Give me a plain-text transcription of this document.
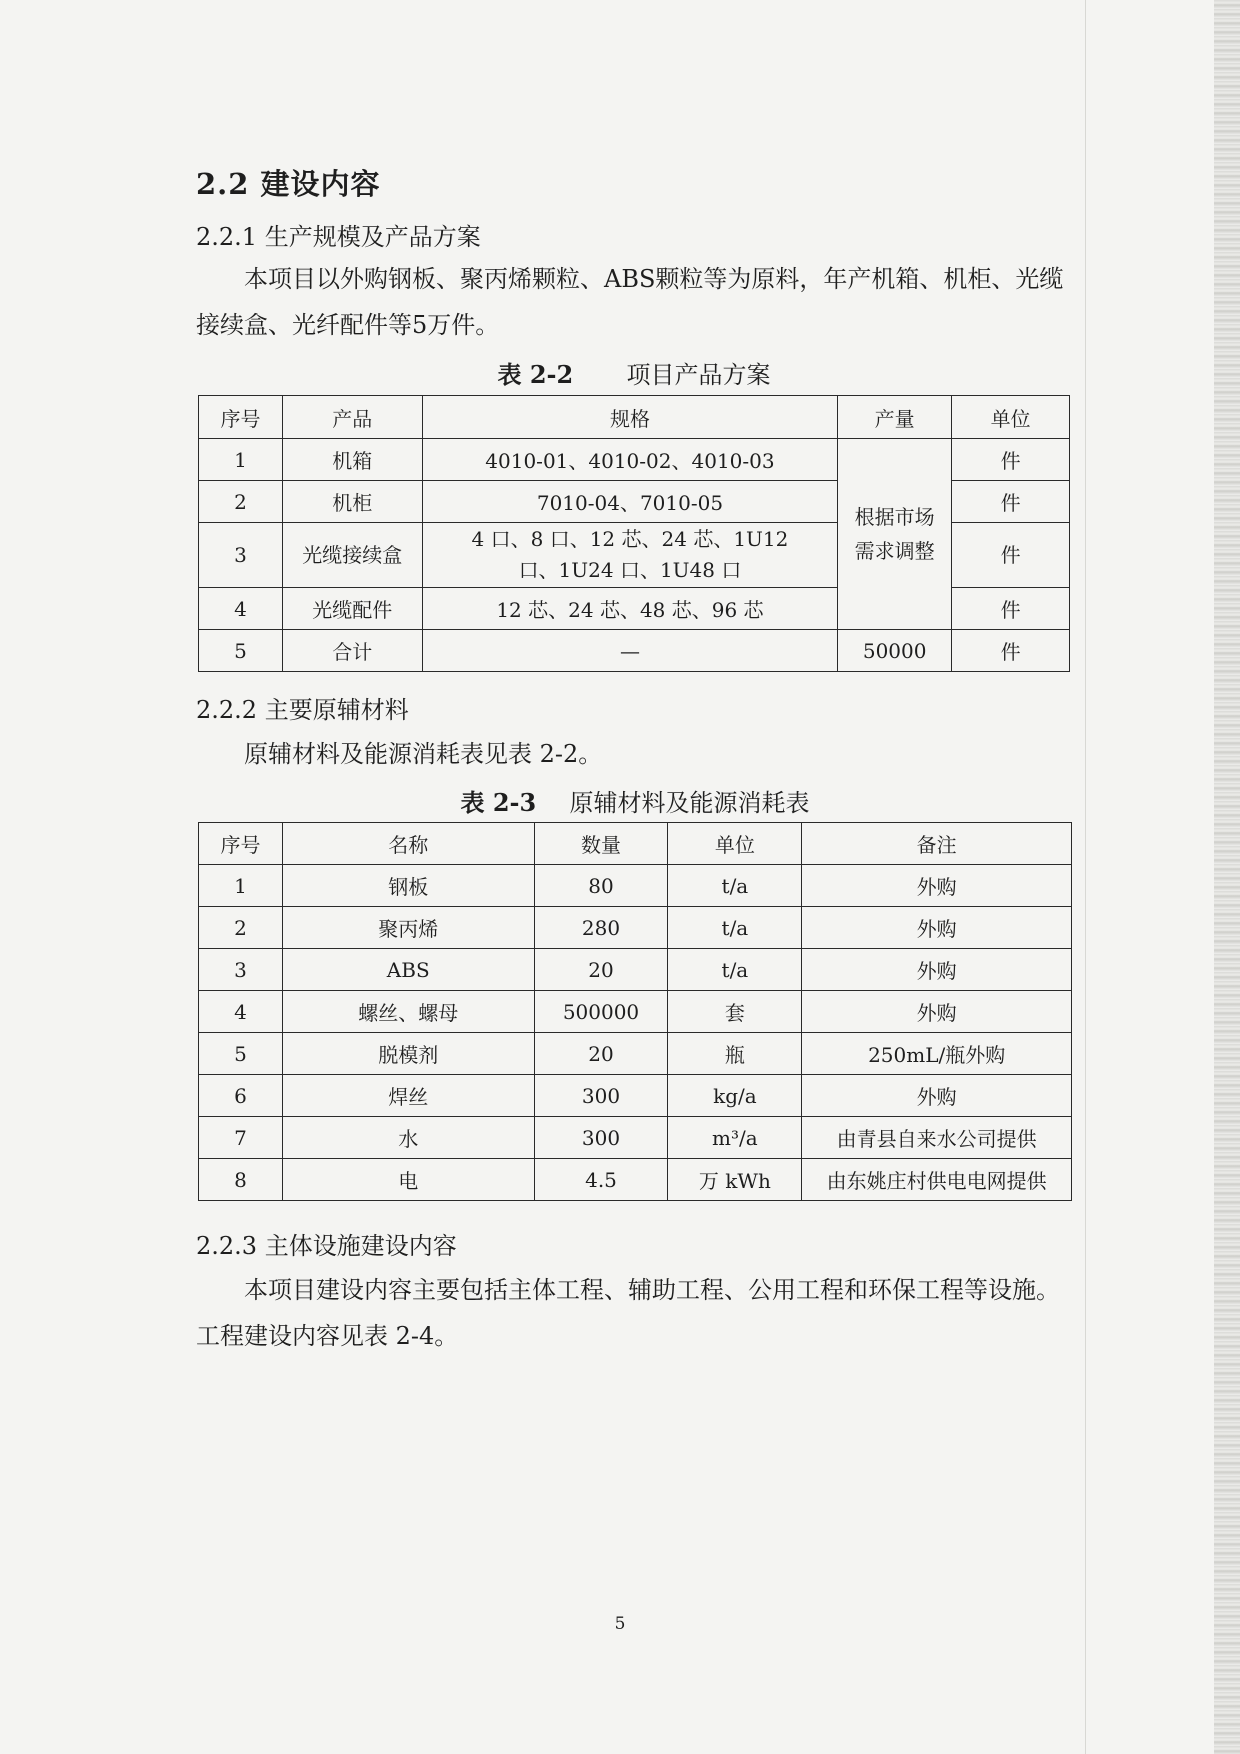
2.2 建设内容
2.2.1 生产规模及产品方案
本项目以外购钢板、聚丙烯颗粒、ABS颗粒等为原料，年产机箱、机柜、光缆接续盒、光纤配件等5万件。
表 2-2 项目产品方案
序号	产品	规格	产量	单位
1	机箱	4010-01、4010-02、4010-03	根据市场需求调整	件
2	机柜	7010-04、7010-05		件
3	光缆接续盒	4 口、8 口、12 芯、24 芯、1U12 口、1U24 口、1U48 口		件
4	光缆配件	12 芯、24 芯、48 芯、96 芯		件
5	合计	—	50000	件
2.2.2 主要原辅材料
原辅材料及能源消耗表见表 2-2。
表 2-3 原辅材料及能源消耗表
序号	名称	数量	单位	备注
1	钢板	80	t/a	外购
2	聚丙烯	280	t/a	外购
3	ABS	20	t/a	外购
4	螺丝、螺母	500000	套	外购
5	脱模剂	20	瓶	250mL/瓶外购
6	焊丝	300	kg/a	外购
7	水	300	m³/a	由青县自来水公司提供
8	电	4.5	万 kWh	由东姚庄村供电电网提供
2.2.3 主体设施建设内容
本项目建设内容主要包括主体工程、辅助工程、公用工程和环保工程等设施。工程建设内容见表 2-4。
5
